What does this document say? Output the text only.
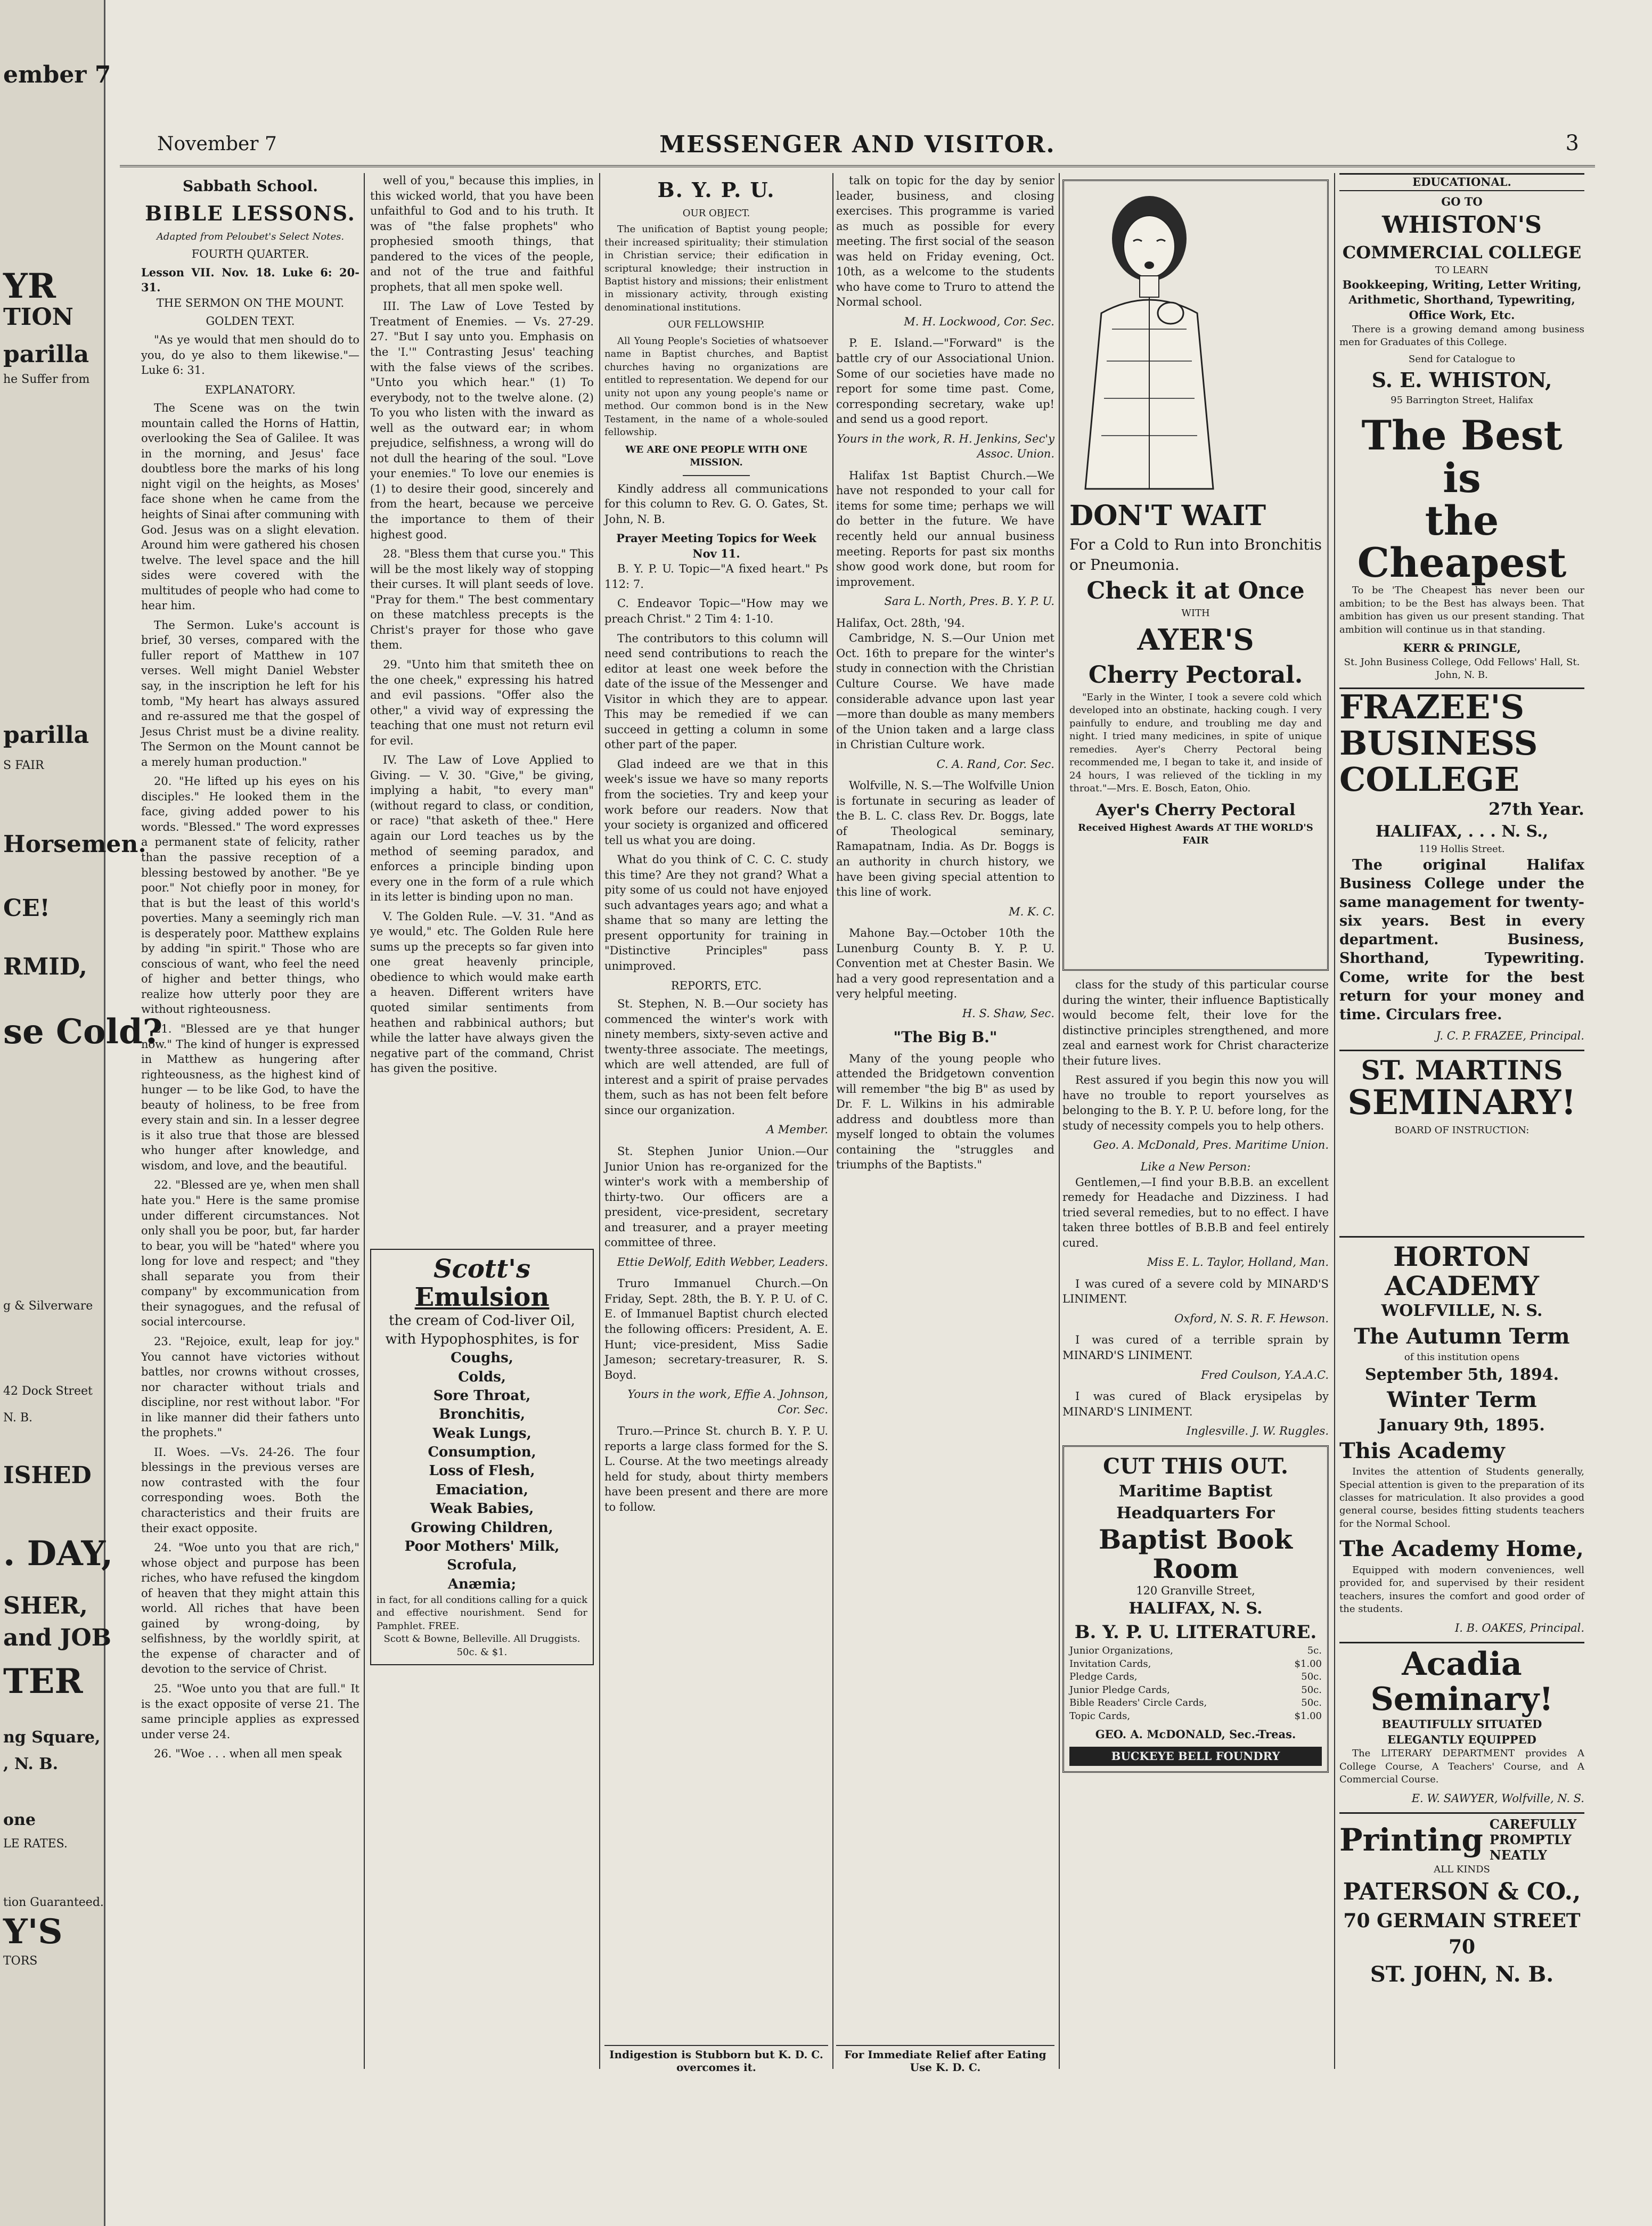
ember 7
YR
TION
parilla
he Suffer from
parilla
S FAIR
Horsemen.
CE!
RMID,
se Cold?
g & Silverware
42 Dock Street
N. B.
ISHED
. DAY,
SHER,
and JOB
TER
ng Square,
, N. B.
one
LE RATES.
tion Guaranteed.
Y'S
TORS
November 7	MESSENGER AND VISITOR.	3
Sabbath School.
BIBLE LESSONS.
Adapted from Peloubet's Select Notes.
FOURTH QUARTER.
Lesson VII. Nov. 18. Luke 6: 20-31.
THE SERMON ON THE MOUNT.
GOLDEN TEXT.

"As ye would that men should do to you, do ye also to them likewise."— Luke 6: 31.

EXPLANATORY.

The Scene was on the twin mountain called the Horns of Hattin, overlooking the Sea of Galilee. It was in the morning, and Jesus' face doubtless bore the marks of his long night vigil on the heights, as Moses' face shone when he came from the heights of Sinai after communing with God. Jesus was on a slight elevation. Around him were gathered his chosen twelve. The level space and the hill sides were covered with the multitudes of people who had come to hear him.

The Sermon. Luke's account is brief, 30 verses, compared with the fuller report of Matthew in 107 verses. Well might Daniel Webster say, in the inscription he left for his tomb, "My heart has always assured and re-assured me that the gospel of Jesus Christ must be a divine reality. The Sermon on the Mount cannot be a merely human production."

20. "He lifted up his eyes on his disciples." He looked them in the face, giving added power to his words. "Blessed." The word expresses a permanent state of felicity, rather than the passive reception of a blessing bestowed by another. "Be ye poor." Not chiefly poor in money, for that is but the least of this world's poverties. Many a seemingly rich man is desperately poor. Matthew explains by adding "in spirit." Those who are conscious of want, who feel the need of higher and better things, who realize how utterly poor they are without righteousness.

21. "Blessed are ye that hunger now." The kind of hunger is expressed in Matthew as hungering after righteousness, as the highest kind of hunger — to be like God, to have the beauty of holiness, to be free from every stain and sin. In a lesser degree is it also true that those are blessed who hunger after knowledge, and wisdom, and love, and the beautiful.

22. "Blessed are ye, when men shall hate you." Here is the same promise under different circumstances. Not only shall you be poor, but, far harder to bear, you will be "hated" where you long for love and respect; and "they shall separate you from their company" by excommunication from their synagogues, and the refusal of social intercourse.

23. "Rejoice, exult, leap for joy." You cannot have victories without battles, nor crowns without crosses, nor character without trials and discipline, nor rest without labor. "For in like manner did their fathers unto the prophets."

II. Woes. —Vs. 24-26. The four blessings in the previous verses are now contrasted with the four corresponding woes. Both the characteristics and their fruits are their exact opposite.

24. "Woe unto you that are rich," whose object and purpose has been riches, who have refused the kingdom of heaven that they might attain this world. All riches that have been gained by wrong-doing, by selfishness, by the worldly spirit, at the expense of character and of devotion to the service of Christ.

25. "Woe unto you that are full." It is the exact opposite of verse 21. The same principle applies as expressed under verse 24.

26. "Woe . . . when all men speak

well of you," because this implies, in this wicked world, that you have been unfaithful to God and to his truth. It was of "the false prophets" who prophesied smooth things, that pandered to the vices of the people, and not of the true and faithful prophets, that all men spoke well.

III. The Law of Love Tested by Treatment of Enemies. — Vs. 27-29. 27. "But I say unto you. Emphasis on the 'I.'" Contrasting Jesus' teaching with the false views of the scribes. "Unto you which hear." (1) To everybody, not to the twelve alone. (2) To you who listen with the inward as well as the outward ear; in whom prejudice, selfishness, a wrong will do not dull the hearing of the soul. "Love your enemies." To love our enemies is (1) to desire their good, sincerely and from the heart, because we perceive the importance to them of their highest good.

28. "Bless them that curse you." This will be the most likely way of stopping their curses. It will plant seeds of love. "Pray for them." The best commentary on these matchless precepts is the Christ's prayer for those who gave them.

29. "Unto him that smiteth thee on the one cheek," expressing his hatred and evil passions. "Offer also the other," a vivid way of expressing the teaching that one must not return evil for evil.

IV. The Law of Love Applied to Giving. — V. 30. "Give," be giving, implying a habit, "to every man" (without regard to class, or condition, or race) "that asketh of thee." Here again our Lord teaches us by the method of seeming paradox, and enforces a principle binding upon every one in the form of a rule which in its letter is binding upon no man.

V. The Golden Rule. —V. 31. "And as ye would," etc. The Golden Rule here sums up the precepts so far given into one great heavenly principle, obedience to which would make earth a heaven. Different writers have quoted similar sentiments from heathen and rabbinical authors; but while the latter have always given the negative part of the command, Christ has given the positive.

Scott's
Emulsion
the cream of Cod-liver Oil, with Hypophosphites, is for
Coughs,
Colds,
Sore Throat,
Bronchitis,
Weak Lungs,
Consumption,
Loss of Flesh,
Emaciation,
Weak Babies,
Growing Children,
Poor Mothers' Milk,
Scrofula,
Anæmia;
in fact, for all conditions calling for a quick and effective nourishment. Send for Pamphlet. FREE.
Scott & Bowne, Belleville. All Druggists. 50c. & $1.
B. Y. P. U.
OUR OBJECT.

The unification of Baptist young people; their increased spirituality; their stimulation in Christian service; their edification in scriptural knowledge; their instruction in Baptist history and missions; their enlistment in missionary activity, through existing denominational institutions.

OUR FELLOWSHIP.

All Young People's Societies of whatsoever name in Baptist churches, and Baptist churches having no organizations are entitled to representation. We depend for our unity not upon any young people's name or method. Our common bond is in the New Testament, in the name of a whole-souled fellowship.

WE ARE ONE PEOPLE WITH ONE MISSION.

Kindly address all communications for this column to Rev. G. O. Gates, St. John, N. B.

Prayer Meeting Topics for Week Nov 11.

B. Y. P. U. Topic—"A fixed heart." Ps 112: 7.

C. Endeavor Topic—"How may we preach Christ." 2 Tim 4: 1-10.

The contributors to this column will need send contributions to reach the editor at least one week before the date of the issue of the Messenger and Visitor in which they are to appear. This may be remedied if we can succeed in getting a column in some other part of the paper.

Glad indeed are we that in this week's issue we have so many reports from the societies. Try and keep your work before our readers. Now that your society is organized and officered tell us what you are doing.

What do you think of C. C. C. study this time? Are they not grand? What a pity some of us could not have enjoyed such advantages years ago; and what a shame that so many are letting the present opportunity for training in "Distinctive Principles" pass unimproved.

REPORTS, ETC.

St. Stephen, N. B.—Our society has commenced the winter's work with ninety members, sixty-seven active and twenty-three associate. The meetings, which are well attended, are full of interest and a spirit of praise pervades them, such as has not been felt before since our organization.

A Member.

St. Stephen Junior Union.—Our Junior Union has re-organized for the winter's work with a membership of thirty-two. Our officers are a president, vice-president, secretary and treasurer, and a prayer meeting committee of three.

Ettie DeWolf, Edith Webber, Leaders.

Truro Immanuel Church.—On Friday, Sept. 28th, the B. Y. P. U. of C. E. of Immanuel Baptist church elected the following officers: President, A. E. Hunt; vice-president, Miss Sadie Jameson; secretary-treasurer, R. S. Boyd.

Yours in the work, Effie A. Johnson, Cor. Sec.

Truro.—Prince St. church B. Y. P. U. reports a large class formed for the S. L. Course. At the two meetings already held for study, about thirty members have been present and there are more to follow.

Indigestion is Stubborn but K. D. C. overcomes it.

talk on topic for the day by senior leader, business, and closing exercises. This programme is varied as much as possible for every meeting. The first social of the season was held on Friday evening, Oct. 10th, as a welcome to the students who have come to Truro to attend the Normal school.

M. H. Lockwood, Cor. Sec.

P. E. Island.—"Forward" is the battle cry of our Associational Union. Some of our societies have made no report for some time past. Come, corresponding secretary, wake up! and send us a good report.

Yours in the work, R. H. Jenkins, Sec'y Assoc. Union.

Halifax 1st Baptist Church.—We have not responded to your call for items for some time; perhaps we will do better in the future. We have recently held our annual business meeting. Reports for past six months show good work done, but room for improvement.

Sara L. North, Pres. B. Y. P. U.
Halifax, Oct. 28th, '94.

Cambridge, N. S.—Our Union met Oct. 16th to prepare for the winter's study in connection with the Christian Culture Course. We have made considerable advance upon last year—more than double as many members of the Union taken and a large class in Christian Culture work.

C. A. Rand, Cor. Sec.

Wolfville, N. S.—The Wolfville Union is fortunate in securing as leader of the B. L. C. class Rev. Dr. Boggs, late of Theological seminary, Ramapatnam, India. As Dr. Boggs is an authority in church history, we have been giving special attention to this line of work.

M. K. C.

Mahone Bay.—October 10th the Lunenburg County B. Y. P. U. Convention met at Chester Basin. We had a very good representation and a very helpful meeting.

H. S. Shaw, Sec.
"The Big B."

Many of the young people who attended the Bridgetown convention will remember "the big B" as used by Dr. F. L. Wilkins in his admirable address and doubtless more than myself longed to obtain the volumes containing the "struggles and triumphs of the Baptists."

For Immediate Relief after Eating Use K. D. C.
DON'T WAIT
For a Cold to Run into Bronchitis or Pneumonia.
Check it at Once
WITH
AYER'S
Cherry Pectoral.

"Early in the Winter, I took a severe cold which developed into an obstinate, hacking cough. I very painfully to endure, and troubling me day and night. I tried many medicines, in spite of unique remedies. Ayer's Cherry Pectoral being recommended me, I began to take it, and inside of 24 hours, I was relieved of the tickling in my throat."—Mrs. E. Bosch, Eaton, Ohio.

Ayer's Cherry Pectoral
Received Highest Awards AT THE WORLD'S FAIR

class for the study of this particular course during the winter, their influence Baptistically would become felt, their love for the distinctive principles strengthened, and more zeal and earnest work for Christ characterize their future lives.

Rest assured if you begin this now you will have no trouble to report yourselves as belonging to the B. Y. P. U. before long, for the study of necessity compels you to help others.

Geo. A. McDonald, Pres. Maritime Union.
Like a New Person:

Gentlemen,—I find your B.B.B. an excellent remedy for Headache and Dizziness. I had tried several remedies, but to no effect. I have taken three bottles of B.B.B and feel entirely cured.

Miss E. L. Taylor, Holland, Man.

I was cured of a severe cold by MINARD'S LINIMENT.

Oxford, N. S. R. F. Hewson.

I was cured of a terrible sprain by MINARD'S LINIMENT.

Fred Coulson, Y.A.A.C.

I was cured of Black erysipelas by MINARD'S LINIMENT.

Inglesville. J. W. Ruggles.
CUT THIS OUT.
Maritime Baptist Headquarters For
Baptist Book Room
120 Granville Street,
HALIFAX, N. S.
B. Y. P. U. LITERATURE.
Junior Organizations,	5c.
Invitation Cards,	$1.00
Pledge Cards,	50c.
Junior Pledge Cards,	50c.
Bible Readers' Circle Cards,	50c.
Topic Cards,	$1.00
GEO. A. McDONALD, Sec.-Treas.
BUCKEYE BELL FOUNDRY
EDUCATIONAL.
GO TO
WHISTON'S
COMMERCIAL COLLEGE
TO LEARN
Bookkeeping, Writing, Letter Writing, Arithmetic, Shorthand, Typewriting, Office Work, Etc.

There is a growing demand among business men for Graduates of this College.

Send for Catalogue to
S. E. WHISTON,
95 Barrington Street, Halifax
The Best is
the Cheapest

To be 'The Cheapest has never been our ambition; to be the Best has always been. That ambition has given us our present standing. That ambition will continue us in that standing.

KERR & PRINGLE,
St. John Business College, Odd Fellows' Hall, St. John, N. B.
FRAZEE'S
BUSINESS
COLLEGE
27th Year.
HALIFAX, . . . N. S.,
119 Hollis Street.

The original Halifax Business College under the same management for twenty-six years. Best in every department. Business, Shorthand, Typewriting. Come, write for the best return for your money and time. Circulars free.

J. C. P. FRAZEE, Principal.
ST. MARTINS
SEMINARY!
BOARD OF INSTRUCTION:
HORTON ACADEMY
WOLFVILLE, N. S.
The Autumn Term
of this institution opens
September 5th, 1894.
Winter Term
January 9th, 1895.
This Academy

Invites the attention of Students generally, Special attention is given to the preparation of its classes for matriculation. It also provides a good general course, besides fitting students teachers for the Normal School.

The Academy Home,

Equipped with modern conveniences, well provided for, and supervised by their resident teachers, insures the comfort and good order of the students.

I. B. OAKES, Principal.
Acadia Seminary!
BEAUTIFULLY SITUATED
ELEGANTLY EQUIPPED

The LITERARY DEPARTMENT provides A College Course, A Teachers' Course, and A Commercial Course.

E. W. SAWYER, Wolfville, N. S.
Printing CAREFULLY
PROMPTLY
NEATLY
ALL KINDS
PATERSON & CO.,
70 GERMAIN STREET 70
ST. JOHN, N. B.
